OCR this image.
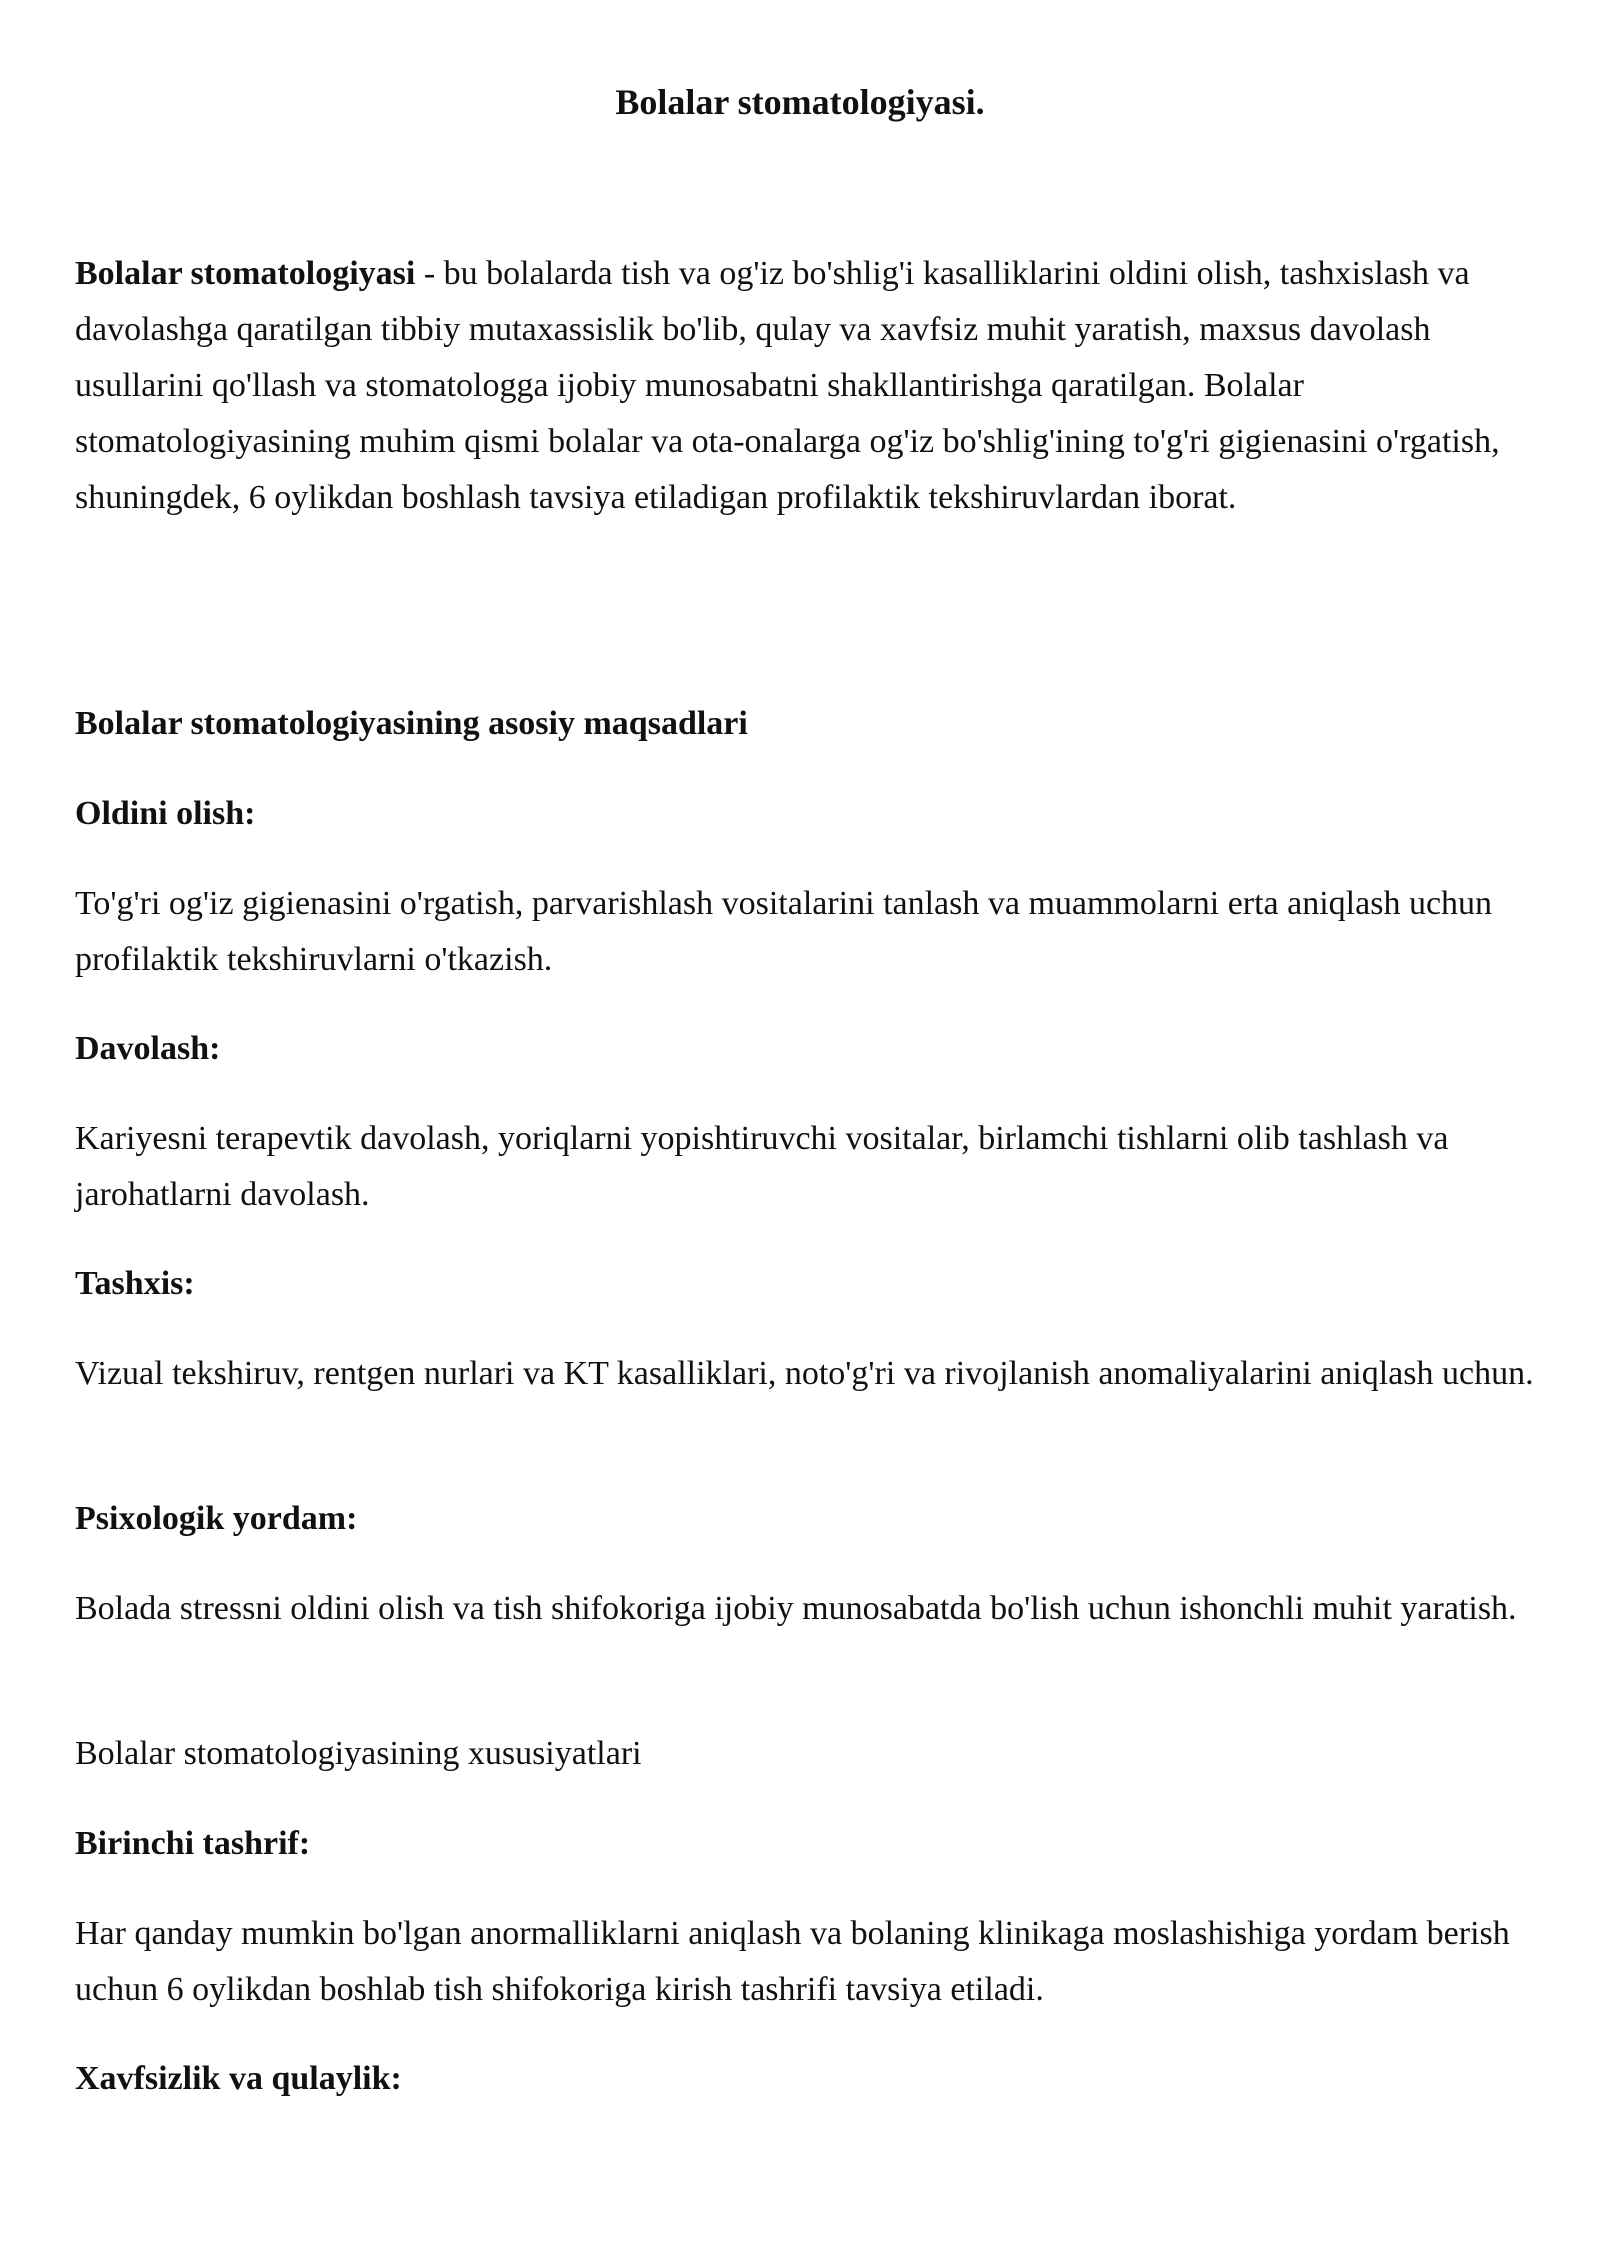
Bolalar stomatologiyasi.

Bolalar stomatologiyasi - bu bolalarda tish va og'iz bo'shlig'i kasalliklarini oldini olish, tashxislash va davolashga qaratilgan tibbiy mutaxassislik bo'lib, qulay va xavfsiz muhit yaratish, maxsus davolash usullarini qo'llash va stomatologga ijobiy munosabatni shakllantirishga qaratilgan. Bolalar stomatologiyasining muhim qismi bolalar va ota-onalarga og'iz bo'shlig'ining to'g'ri gigienasini o'rgatish, shuningdek, 6 oylikdan boshlash tavsiya etiladigan profilaktik tekshiruvlardan iborat.

Bolalar stomatologiyasining asosiy maqsadlari

Oldini olish:

To'g'ri og'iz gigienasini o'rgatish, parvarishlash vositalarini tanlash va muammolarni erta aniqlash uchun profilaktik tekshiruvlarni o'tkazish.

Davolash:

Kariyesni terapevtik davolash, yoriqlarni yopishtiruvchi vositalar, birlamchi tishlarni olib tashlash va jarohatlarni davolash.

Tashxis:

Vizual tekshiruv, rentgen nurlari va KT kasalliklari, noto'g'ri va rivojlanish anomaliyalarini aniqlash uchun.

Psixologik yordam:

Bolada stressni oldini olish va tish shifokoriga ijobiy munosabatda bo'lish uchun ishonchli muhit yaratish.

Bolalar stomatologiyasining xususiyatlari

Birinchi tashrif:

Har qanday mumkin bo'lgan anormalliklarni aniqlash va bolaning klinikaga moslashishiga yordam berish uchun 6 oylikdan boshlab tish shifokoriga kirish tashrifi tavsiya etiladi.

Xavfsizlik va qulaylik:
